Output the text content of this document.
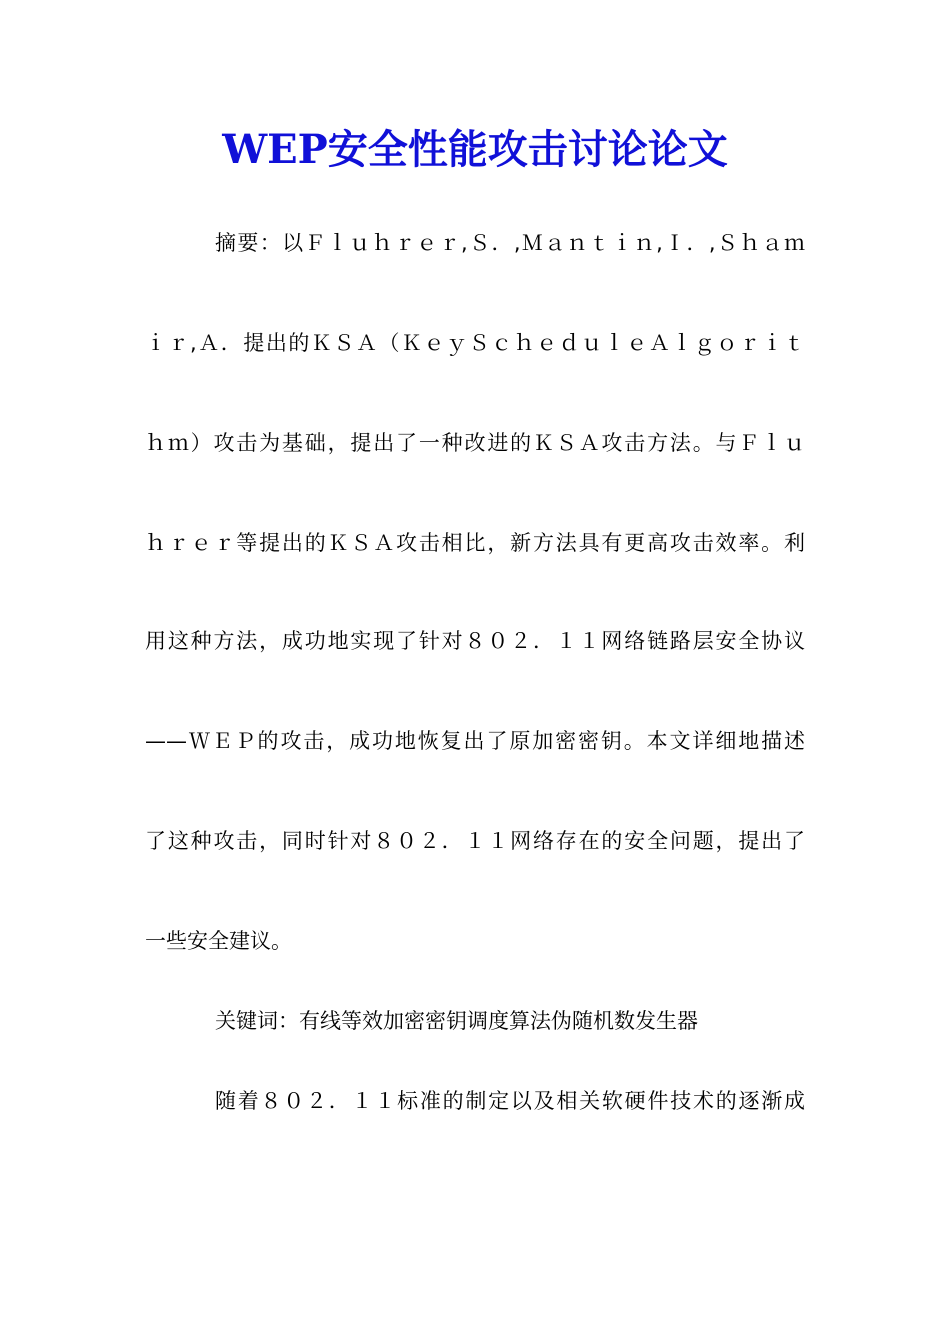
WEP安全性能攻击讨论论文

摘要：以Ｆｌｕｈｒｅｒ,Ｓ．,Ｍａｎｔｉｎ,Ｉ．,Ｓｈａｍ

ｉｒ,Ａ．提出的ＫＳＡ（ＫｅｙＳｃｈｅｄｕｌｅＡｌｇｏｒｉｔ

ｈｍ）攻击为基础，提出了一种改进的ＫＳＡ攻击方法。与Ｆｌｕ

ｈｒｅｒ等提出的ＫＳＡ攻击相比，新方法具有更高攻击效率。利

用这种方法，成功地实现了针对８０２．１１网络链路层安全协议

——ＷＥＰ的攻击，成功地恢复出了原加密密钥。本文详细地描述

了这种攻击，同时针对８０２．１１网络存在的安全问题，提出了

一些安全建议。

关键词：有线等效加密密钥调度算法伪随机数发生器

随着８０２．１１标准的制定以及相关软硬件技术的逐渐成
